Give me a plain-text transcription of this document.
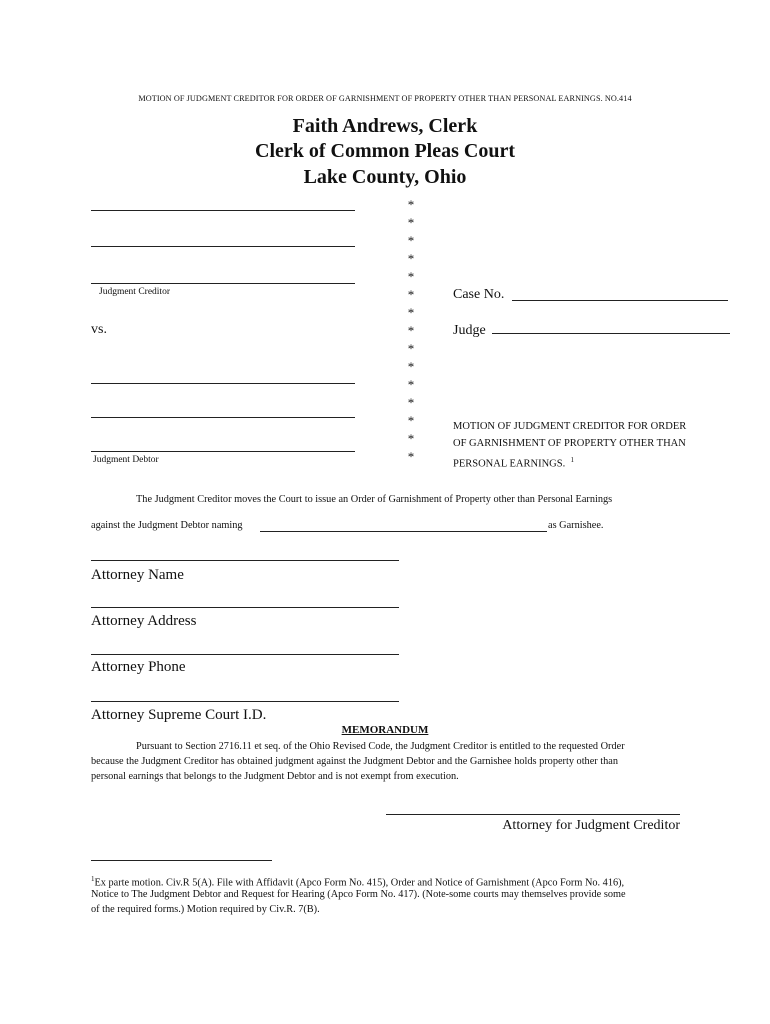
MOTION OF JUDGMENT CREDITOR FOR ORDER OF GARNISHMENT OF PROPERTY OTHER THAN PERSONAL EARNINGS. NO.414
Faith Andrews, Clerk
Clerk of Common Pleas Court
Lake County, Ohio
Judgment Creditor
vs.
Judgment Debtor
*
*
*
*
*
*
*
*
*
*
*
*
*
*
*
Case No.
Judge
MOTION OF JUDGMENT CREDITOR FOR ORDER
OF GARNISHMENT OF PROPERTY OTHER THAN
PERSONAL EARNINGS. $^1$
The Judgment Creditor moves the Court to issue an Order of Garnishment of Property other than Personal Earnings
against the Judgment Debtor naming	as Garnishee.
Attorney Name
Attorney Address
Attorney Phone
Attorney Supreme Court I.D.
MEMORANDUM
Pursuant to Section 2716.11 et seq. of the Ohio Revised Code, the Judgment Creditor is entitled to the requested Order
because the Judgment Creditor has obtained judgment against the Judgment Debtor and the Garnishee holds property other than
personal earnings that belongs to the Judgment Debtor and is not exempt from execution.
Attorney for Judgment Creditor
$^1$Ex parte motion. Civ.R 5(A). File with Affidavit (Apco Form No. 415), Order and Notice of Garnishment (Apco Form No. 416),
Notice to The Judgment Debtor and Request for Hearing (Apco Form No. 417). (Note-some courts may themselves provide some
of the required forms.) Motion required by Civ.R. 7(B).
